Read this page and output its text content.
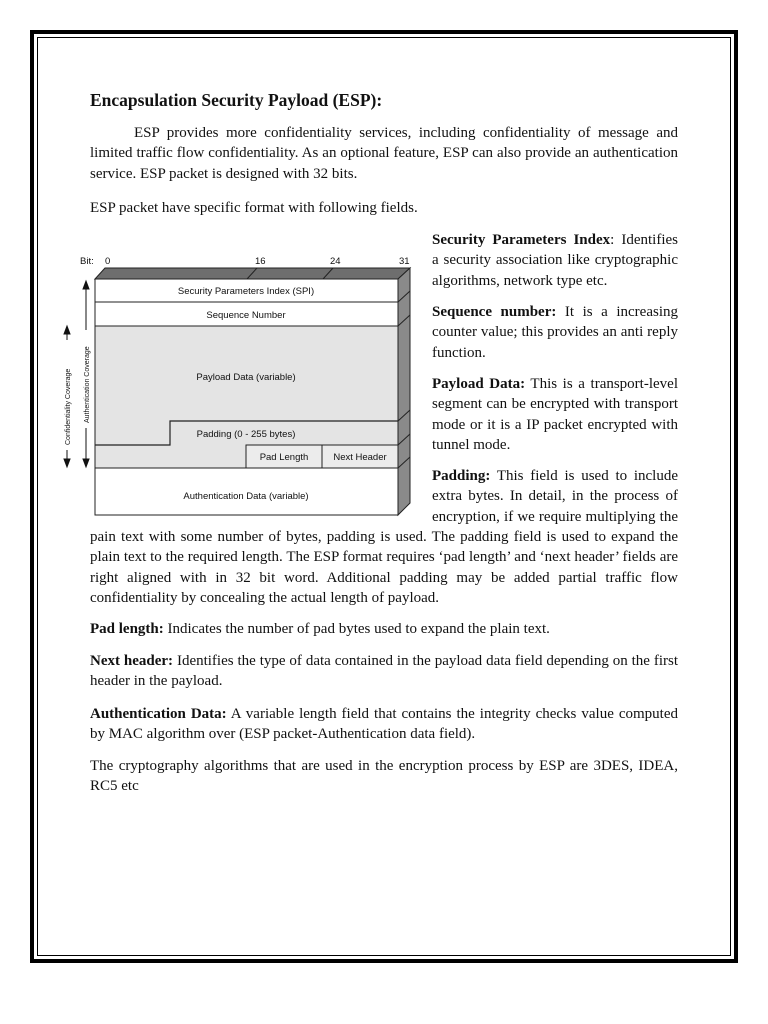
Encapsulation Security Payload (ESP):

ESP provides more confidentiality services, including confidentiality of message and limited traffic flow confidentiality. As an optional feature, ESP can also provide an authentication service. ESP packet is designed with 32 bits.

ESP packet have specific format with following fields.

Bit: 0	16	24	31
Security Parameters Index (SPI)
Sequence Number
Payload Data (variable)
Padding (0 - 255 bytes)
Pad Length	Next Header
Authentication Data (variable)
Confidentiality Coverage Authentication Coverage

Security Parameters Index: Identifies a security association like cryptographic algorithms, network type etc.

Sequence number: It is a increasing counter value; this provides an anti reply function.

Payload Data: This is a transport-level segment can be encrypted with transport mode or it is a IP packet encrypted with tunnel mode.

Padding: This field is used to include extra bytes. In detail, in the process of encryption, if we require multiplying the

pain text with some number of bytes, padding is used. The padding field is used to expand the plain text to the required length. The ESP format requires ‘pad length’ and ‘next header’ fields are right aligned with in 32 bit word. Additional padding may be added partial traffic flow confidentiality by concealing the actual length of payload.

Pad length: Indicates the number of pad bytes used to expand the plain text.

Next header: Identifies the type of data contained in the payload data field depending on the first header in the payload.

Authentication Data: A variable length field that contains the integrity checks value computed by MAC algorithm over (ESP packet-Authentication data field).

The cryptography algorithms that are used in the encryption process by ESP are 3DES, IDEA, RC5 etc
